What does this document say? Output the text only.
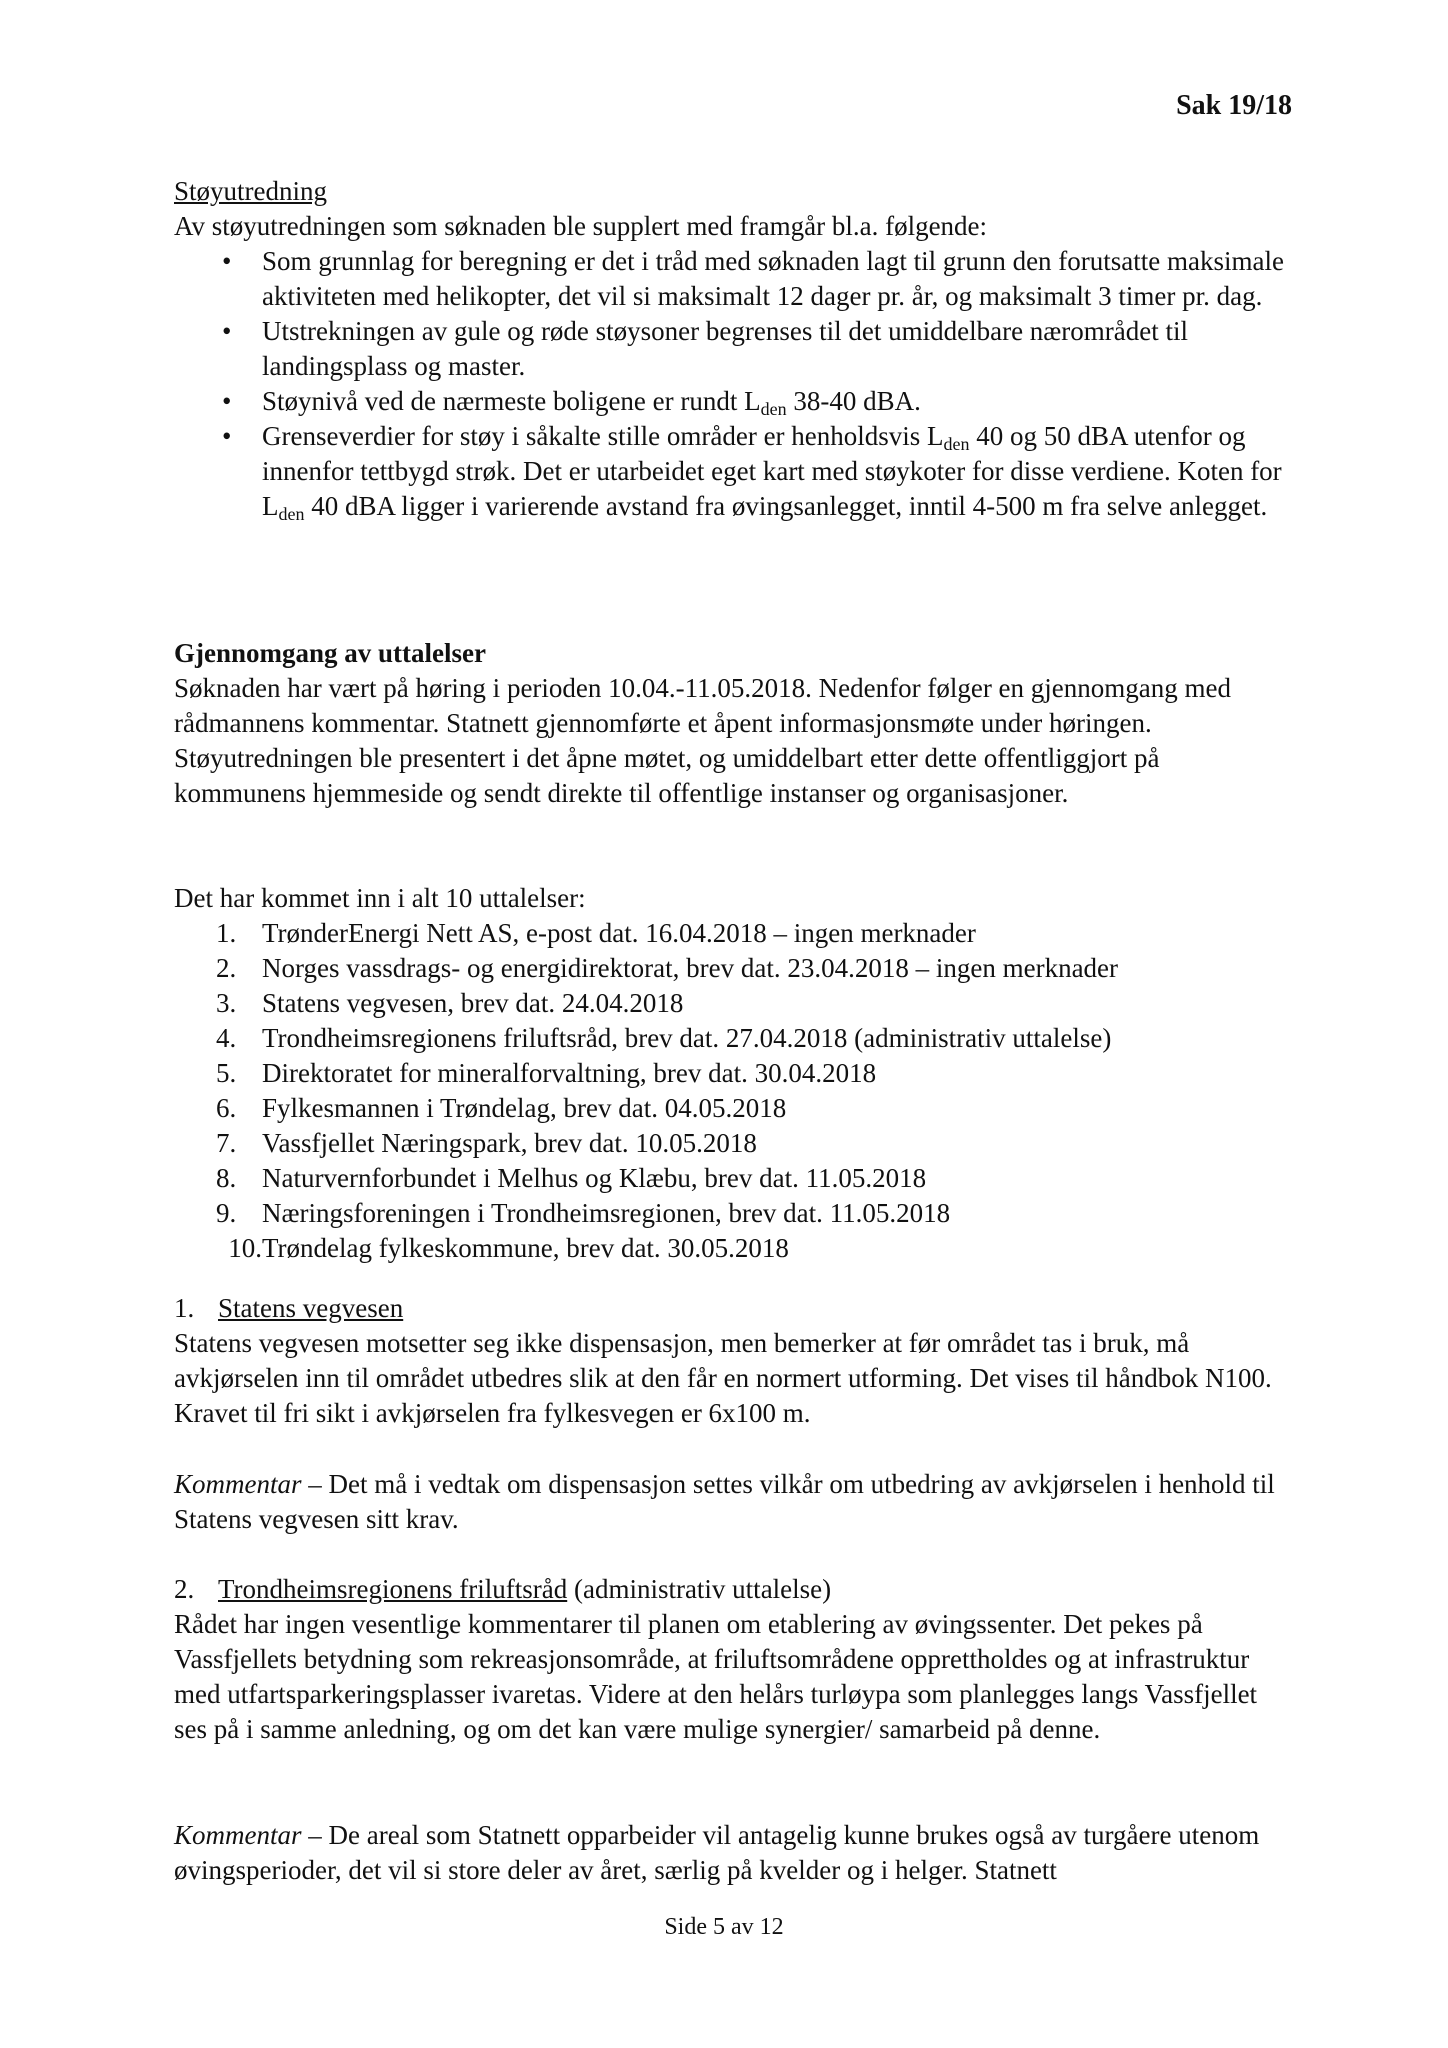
Sak 19/18

Støyutredning

Av støyutredningen som søknaden ble supplert med framgår bl.a. følgende:

• Som grunnlag for beregning er det i tråd med søknaden lagt til grunn den forutsatte maksimale aktiviteten med helikopter, det vil si maksimalt 12 dager pr. år, og maksimalt 3 timer pr. dag.
• Utstrekningen av gule og røde støysoner begrenses til det umiddelbare nærområdet til landingsplass og master.
• Støynivå ved de nærmeste boligene er rundt $L_{den}$ 38-40 dBA.
• Grenseverdier for støy i såkalte stille områder er henholdsvis $L_{den}$ 40 og 50 dBA utenfor og innenfor tettbygd strøk. Det er utarbeidet eget kart med støykoter for disse verdiene. Koten for $L_{den}$ 40 dBA ligger i varierende avstand fra øvingsanlegget, inntil 4-500 m fra selve anlegget.

Gjennomgang av uttalelser

Søknaden har vært på høring i perioden 10.04.-11.05.2018. Nedenfor følger en gjennomgang med rådmannens kommentar. Statnett gjennomførte et åpent informasjonsmøte under høringen. Støyutredningen ble presentert i det åpne møtet, og umiddelbart etter dette offentliggjort på kommunens hjemmeside og sendt direkte til offentlige instanser og organisasjoner.

Det har kommet inn i alt 10 uttalelser:

1. TrønderEnergi Nett AS, e-post dat. 16.04.2018 – ingen merknader
2. Norges vassdrags- og energidirektorat, brev dat. 23.04.2018 – ingen merknader
3. Statens vegvesen, brev dat. 24.04.2018
4. Trondheimsregionens friluftsråd, brev dat. 27.04.2018 (administrativ uttalelse)
5. Direktoratet for mineralforvaltning, brev dat. 30.04.2018
6. Fylkesmannen i Trøndelag, brev dat. 04.05.2018
7. Vassfjellet Næringspark, brev dat. 10.05.2018
8. Naturvernforbundet i Melhus og Klæbu, brev dat. 11.05.2018
9. Næringsforeningen i Trondheimsregionen, brev dat. 11.05.2018
10. Trøndelag fylkeskommune, brev dat. 30.05.2018

1. Statens vegvesen

Statens vegvesen motsetter seg ikke dispensasjon, men bemerker at før området tas i bruk, må avkjørselen inn til området utbedres slik at den får en normert utforming. Det vises til håndbok N100. Kravet til fri sikt i avkjørselen fra fylkesvegen er 6x100 m.

Kommentar – Det må i vedtak om dispensasjon settes vilkår om utbedring av avkjørselen i henhold til Statens vegvesen sitt krav.

2. Trondheimsregionens friluftsråd (administrativ uttalelse)

Rådet har ingen vesentlige kommentarer til planen om etablering av øvingssenter. Det pekes på Vassfjellets betydning som rekreasjonsområde, at friluftsområdene opprettholdes og at infrastruktur med utfartsparkeringsplasser ivaretas. Videre at den helårs turløypa som planlegges langs Vassfjellet ses på i samme anledning, og om det kan være mulige synergier/ samarbeid på denne.

Kommentar – De areal som Statnett opparbeider vil antagelig kunne brukes også av turgåere utenom øvingsperioder, det vil si store deler av året, særlig på kvelder og i helger. Statnett

Side 5 av 12
